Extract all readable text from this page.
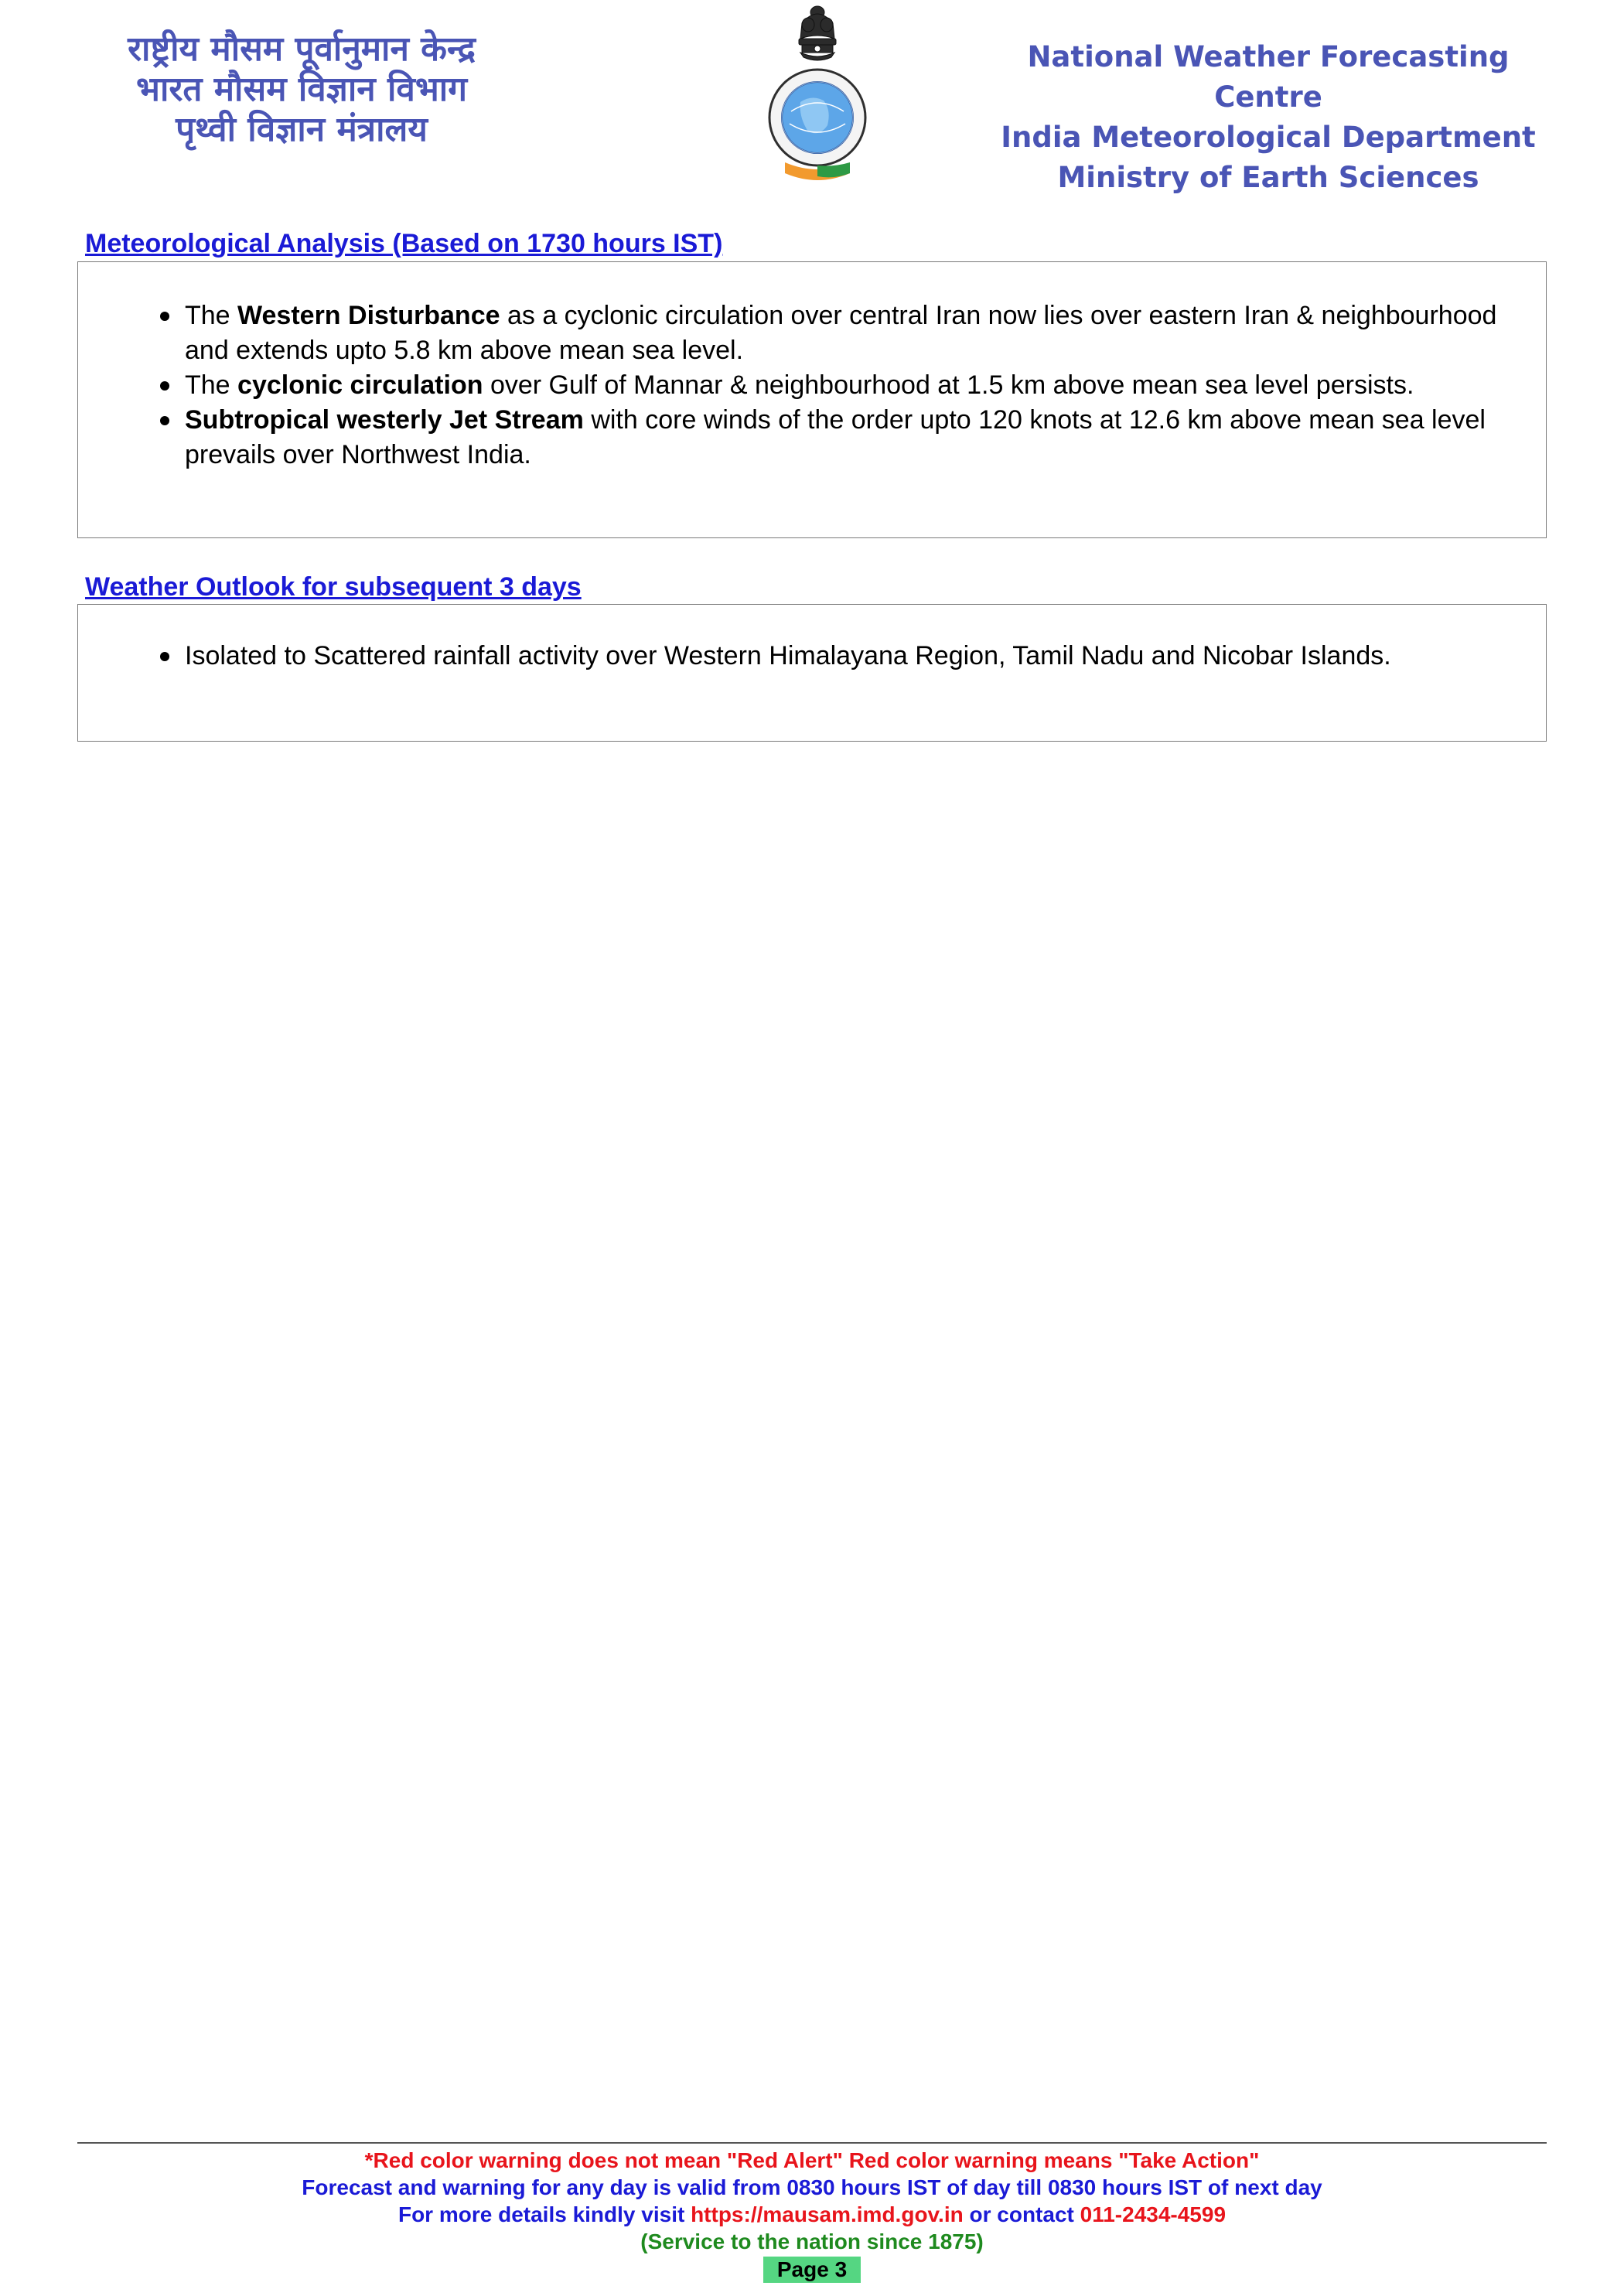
राष्ट्रीय मौसम पूर्वानुमान केन्द्र
भारत मौसम विज्ञान विभाग
पृथ्वी विज्ञान मंत्रालय
National Weather Forecasting Centre
India Meteorological Department
Ministry of Earth Sciences
Meteorological Analysis (Based on 1730 hours IST)
The Western Disturbance as a cyclonic circulation over central Iran now lies over eastern Iran & neighbourhood and extends upto 5.8 km above mean sea level.
The cyclonic circulation over Gulf of Mannar & neighbourhood at 1.5 km above mean sea level persists.
Subtropical westerly Jet Stream with core winds of the order upto 120 knots at 12.6 km above mean sea level prevails over Northwest India.
Weather Outlook for subsequent 3 days
Isolated to Scattered rainfall activity over Western Himalayana Region, Tamil Nadu and Nicobar Islands.
*Red color warning does not mean "Red Alert" Red color warning means "Take Action"
Forecast and warning for any day is valid from 0830 hours IST of day till 0830 hours IST of next day
For more details kindly visit https://mausam.imd.gov.in or contact 011-2434-4599
(Service to the nation since 1875)
Page 3
